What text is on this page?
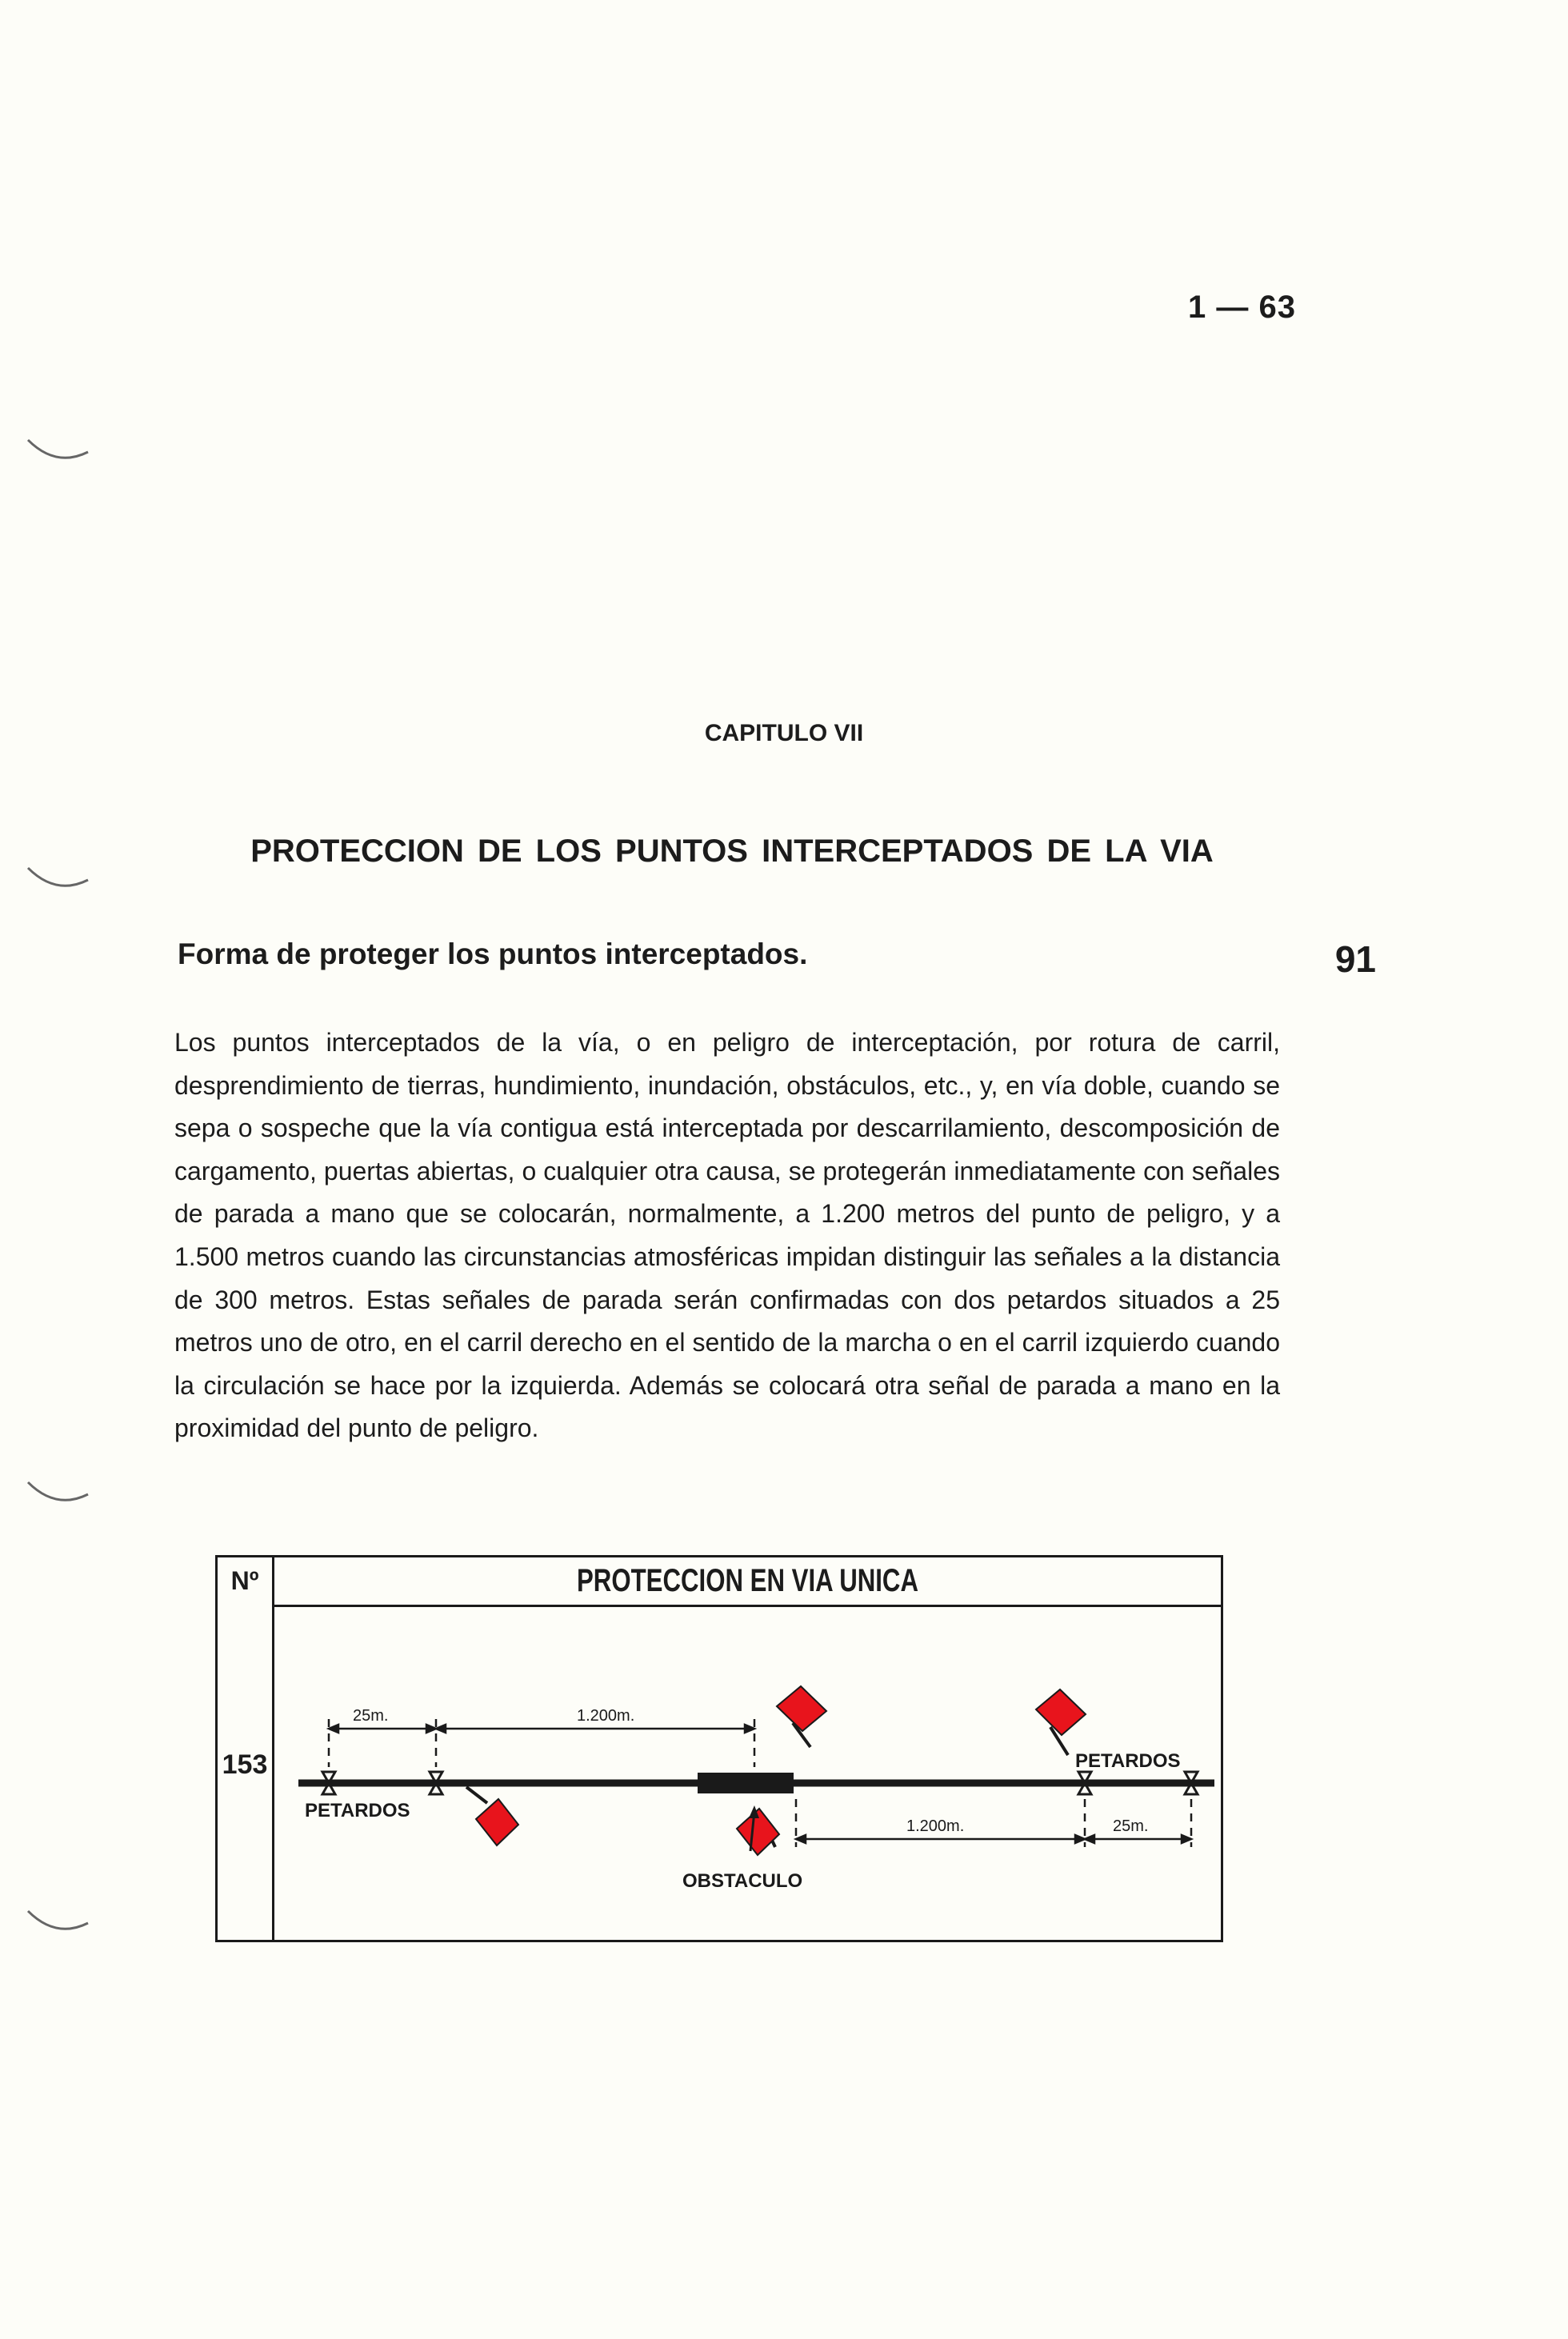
1 — 63
CAPITULO VII
PROTECCION DE LOS PUNTOS INTERCEPTADOS DE LA VIA
Forma de proteger los puntos interceptados.	91
Los puntos interceptados de la vía, o en peligro de interceptación, por rotura de carril, desprendimiento de tierras, hundimiento, inundación, obstáculos, etc., y, en vía doble, cuando se sepa o sospeche que la vía contigua está interceptada por descarrilamiento, descomposición de cargamento, puertas abiertas, o cualquier otra causa, se protegerán inmediatamente con señales de parada a mano que se colocarán, normalmente, a 1.200 metros del punto de peligro, y a 1.500 metros cuando las circunstancias atmosféricas impidan distinguir las señales a la distancia de 300 metros. Estas señales de parada serán confirmadas con dos petardos situados a 25 metros uno de otro, en el carril derecho en el sentido de la marcha o en el carril izquierdo cuando la circulación se hace por la izquierda. Además se colocará otra señal de parada a mano en la proximidad del punto de peligro.
Nº	PROTECCION EN VIA UNICA
153
25m.	1.200m.
1.200m.	25m.
PETARDOS
PETARDOS
OBSTACULO
